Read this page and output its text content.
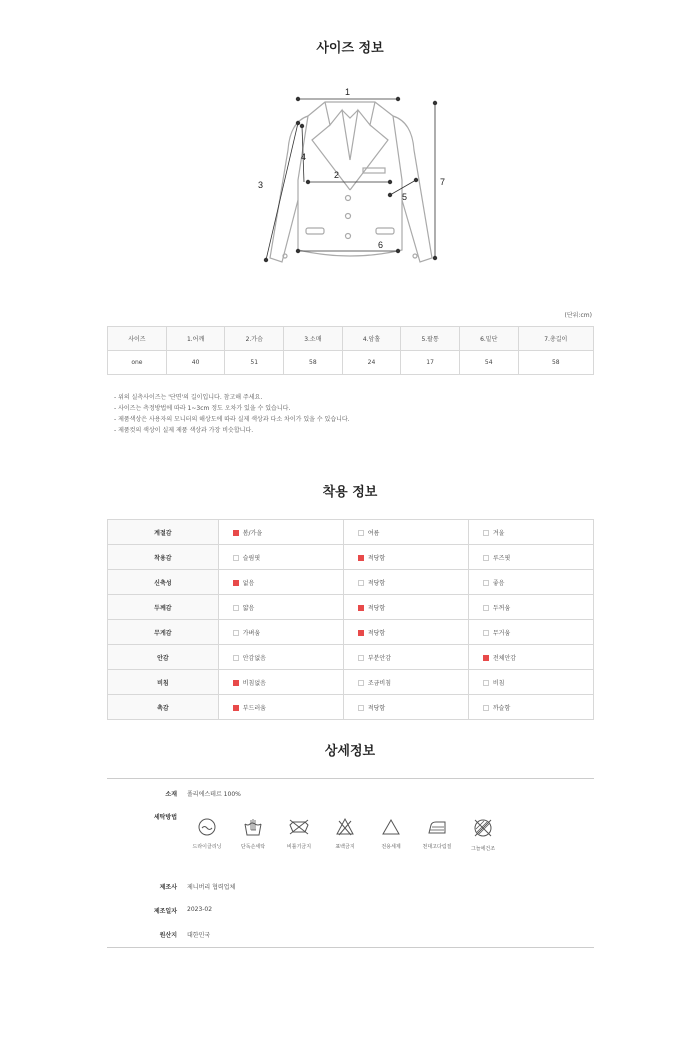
사이즈 정보
1
2
3
4
5
6
7
(단위:cm)
사이즈	1.어깨	2.가슴	3.소매	4.암홀	5.팔통	6.밑단	7.총길이
one	40	51	58	24	17	54	58
- 위의 실측사이즈는 '단면'의 길이입니다. 참고해 주세요.
- 사이즈는 측정방법에 따라 1~3cm 정도 오차가 있을 수 있습니다.
- 제품색상은 사용자의 모니터의 해상도에 따라 실제 색상과 다소 차이가 있을 수 있습니다.
- 제품컷의 색상이 실제 제품 색상과 가장 비슷합니다.
착용 정보
계절감	봄/가을	여름	겨울
착용감	슬림핏	적당함	루즈핏
신축성	없음	적당함	좋음
두께감	얇음	적당함	두꺼움
무게감	가벼움	적당함	무거움
안감	안감없음	부분안감	전체안감
비침	비침없음	조금비침	비침
촉감	부드러움	적당함	까슬함
상세정보
소재 폴리에스테르 100%
세탁방법
드라이클리닝	단독손세탁	비틀기금지	표백금지	전용세제	천대고다림질	그늘에건조
제조사 제니버리 협력업체
제조일자 2023-02
원산지 대한민국
